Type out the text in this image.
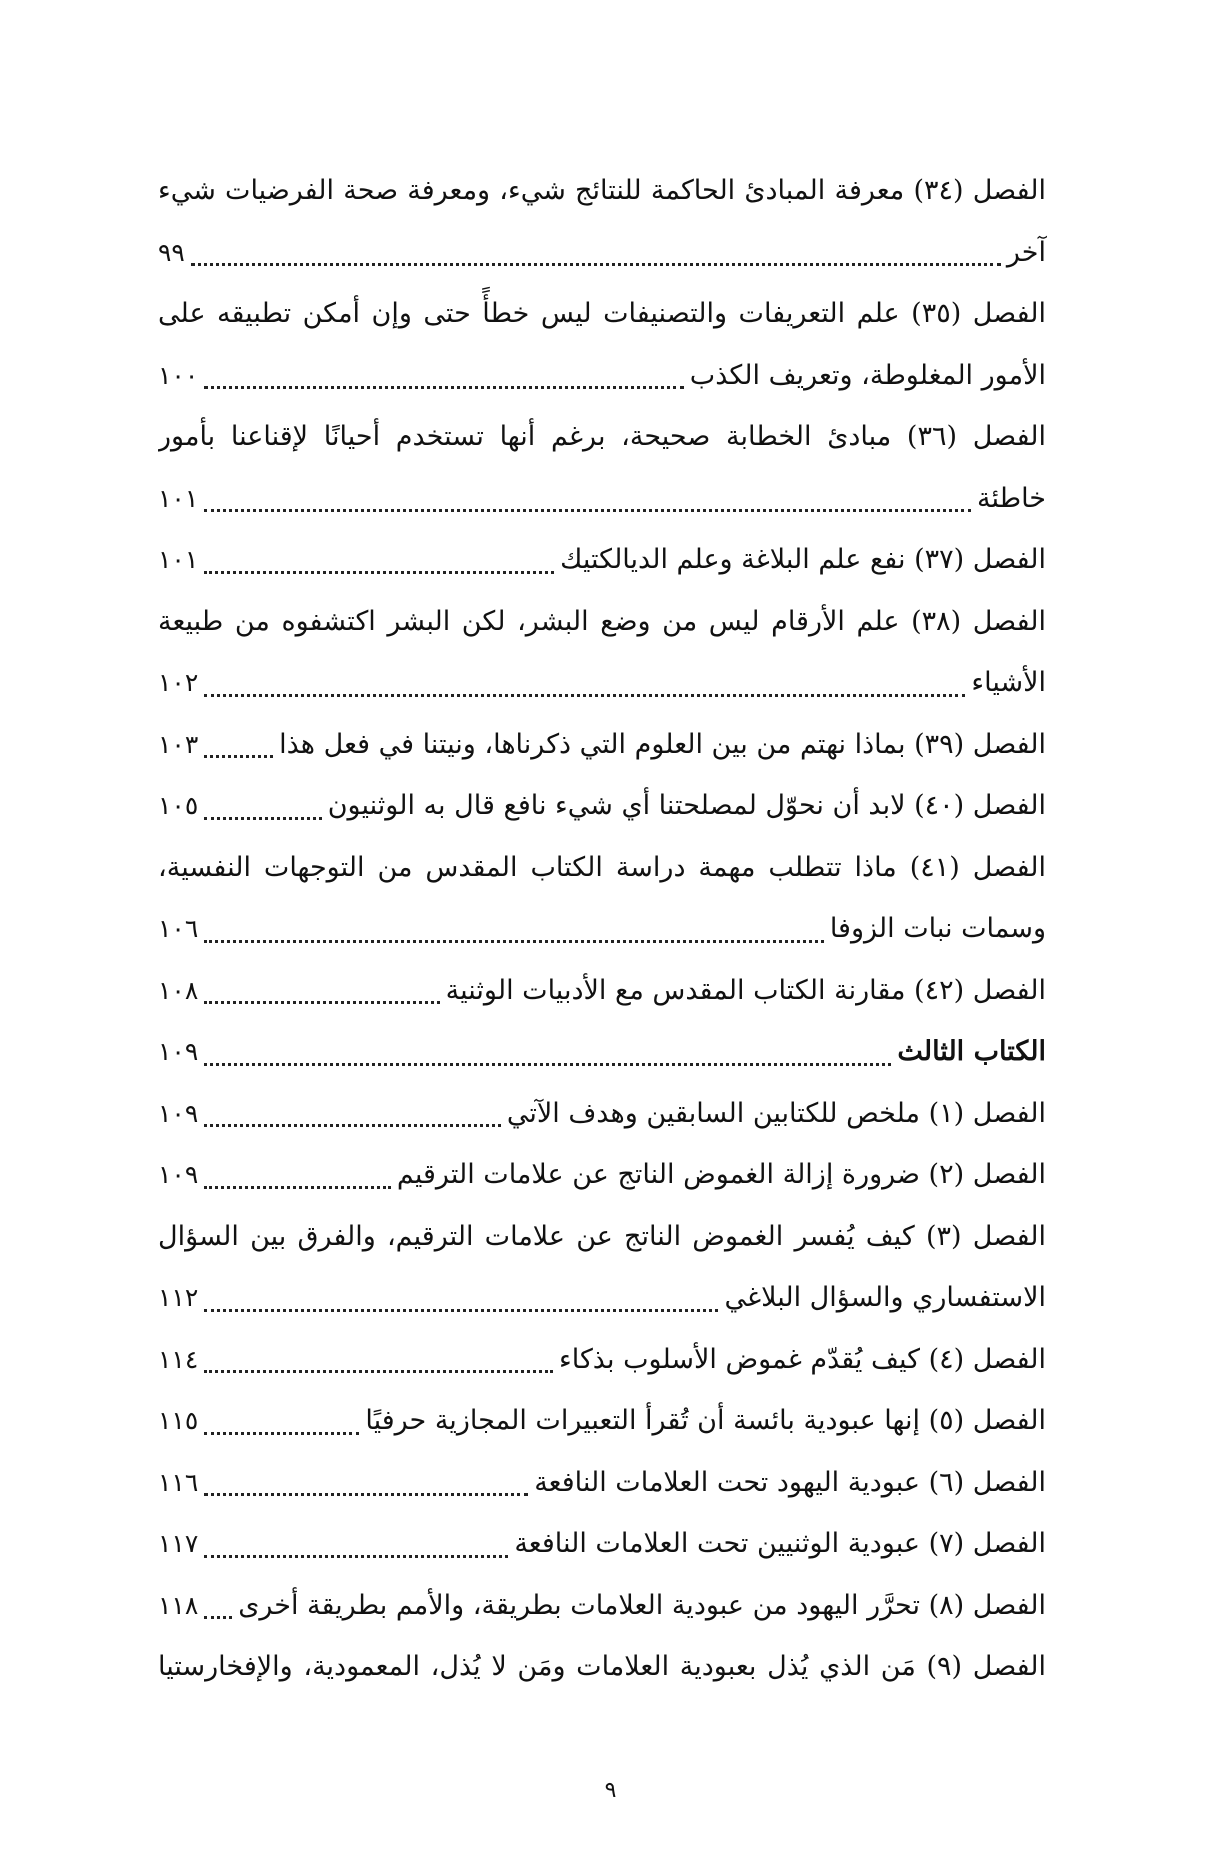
الفصل (٣٤) معرفة المبادئ الحاكمة للنتائج شيء، ومعرفة صحة الفرضيات شيء
آخر
٩٩
الفصل (٣٥) علم التعريفات والتصنيفات ليس خطأً حتى وإن أمكن تطبيقه على
الأمور المغلوطة، وتعريف الكذب
١٠٠
الفصل (٣٦) مبادئ الخطابة صحيحة، برغم أنها تستخدم أحيانًا لإقناعنا بأمور
خاطئة
١٠١
الفصل (٣٧) نفع علم البلاغة وعلم الديالكتيك
١٠١
الفصل (٣٨) علم الأرقام ليس من وضع البشر، لكن البشر اكتشفوه من طبيعة
الأشياء
١٠٢
الفصل (٣٩) بماذا نهتم من بين العلوم التي ذكرناها، ونيتنا في فعل هذا
١٠٣
الفصل (٤٠) لابد أن نحوّل لمصلحتنا أي شيء نافع قال به الوثنيون
١٠٥
الفصل (٤١) ماذا تتطلب مهمة دراسة الكتاب المقدس من التوجهات النفسية،
وسمات نبات الزوفا
١٠٦
الفصل (٤٢) مقارنة الكتاب المقدس مع الأدبيات الوثنية
١٠٨
الكتاب الثالث
١٠٩
الفصل (١) ملخص للكتابين السابقين وهدف الآتي
١٠٩
الفصل (٢) ضرورة إزالة الغموض الناتج عن علامات الترقيم
١٠٩
الفصل (٣) كيف يُفسر الغموض الناتج عن علامات الترقيم، والفرق بين السؤال
الاستفساري والسؤال البلاغي
١١٢
الفصل (٤) كيف يُقدّم غموض الأسلوب بذكاء
١١٤
الفصل (٥) إنها عبودية بائسة أن تُقرأ التعبيرات المجازية حرفيًا
١١٥
الفصل (٦) عبودية اليهود تحت العلامات النافعة
١١٦
الفصل (٧) عبودية الوثنيين تحت العلامات النافعة
١١٧
الفصل (٨) تحرَّر اليهود من عبودية العلامات بطريقة، والأمم بطريقة أخرى
١١٨
الفصل (٩) مَن الذي يُذل بعبودية العلامات ومَن لا يُذل، المعمودية، والإفخارستيا
٩
